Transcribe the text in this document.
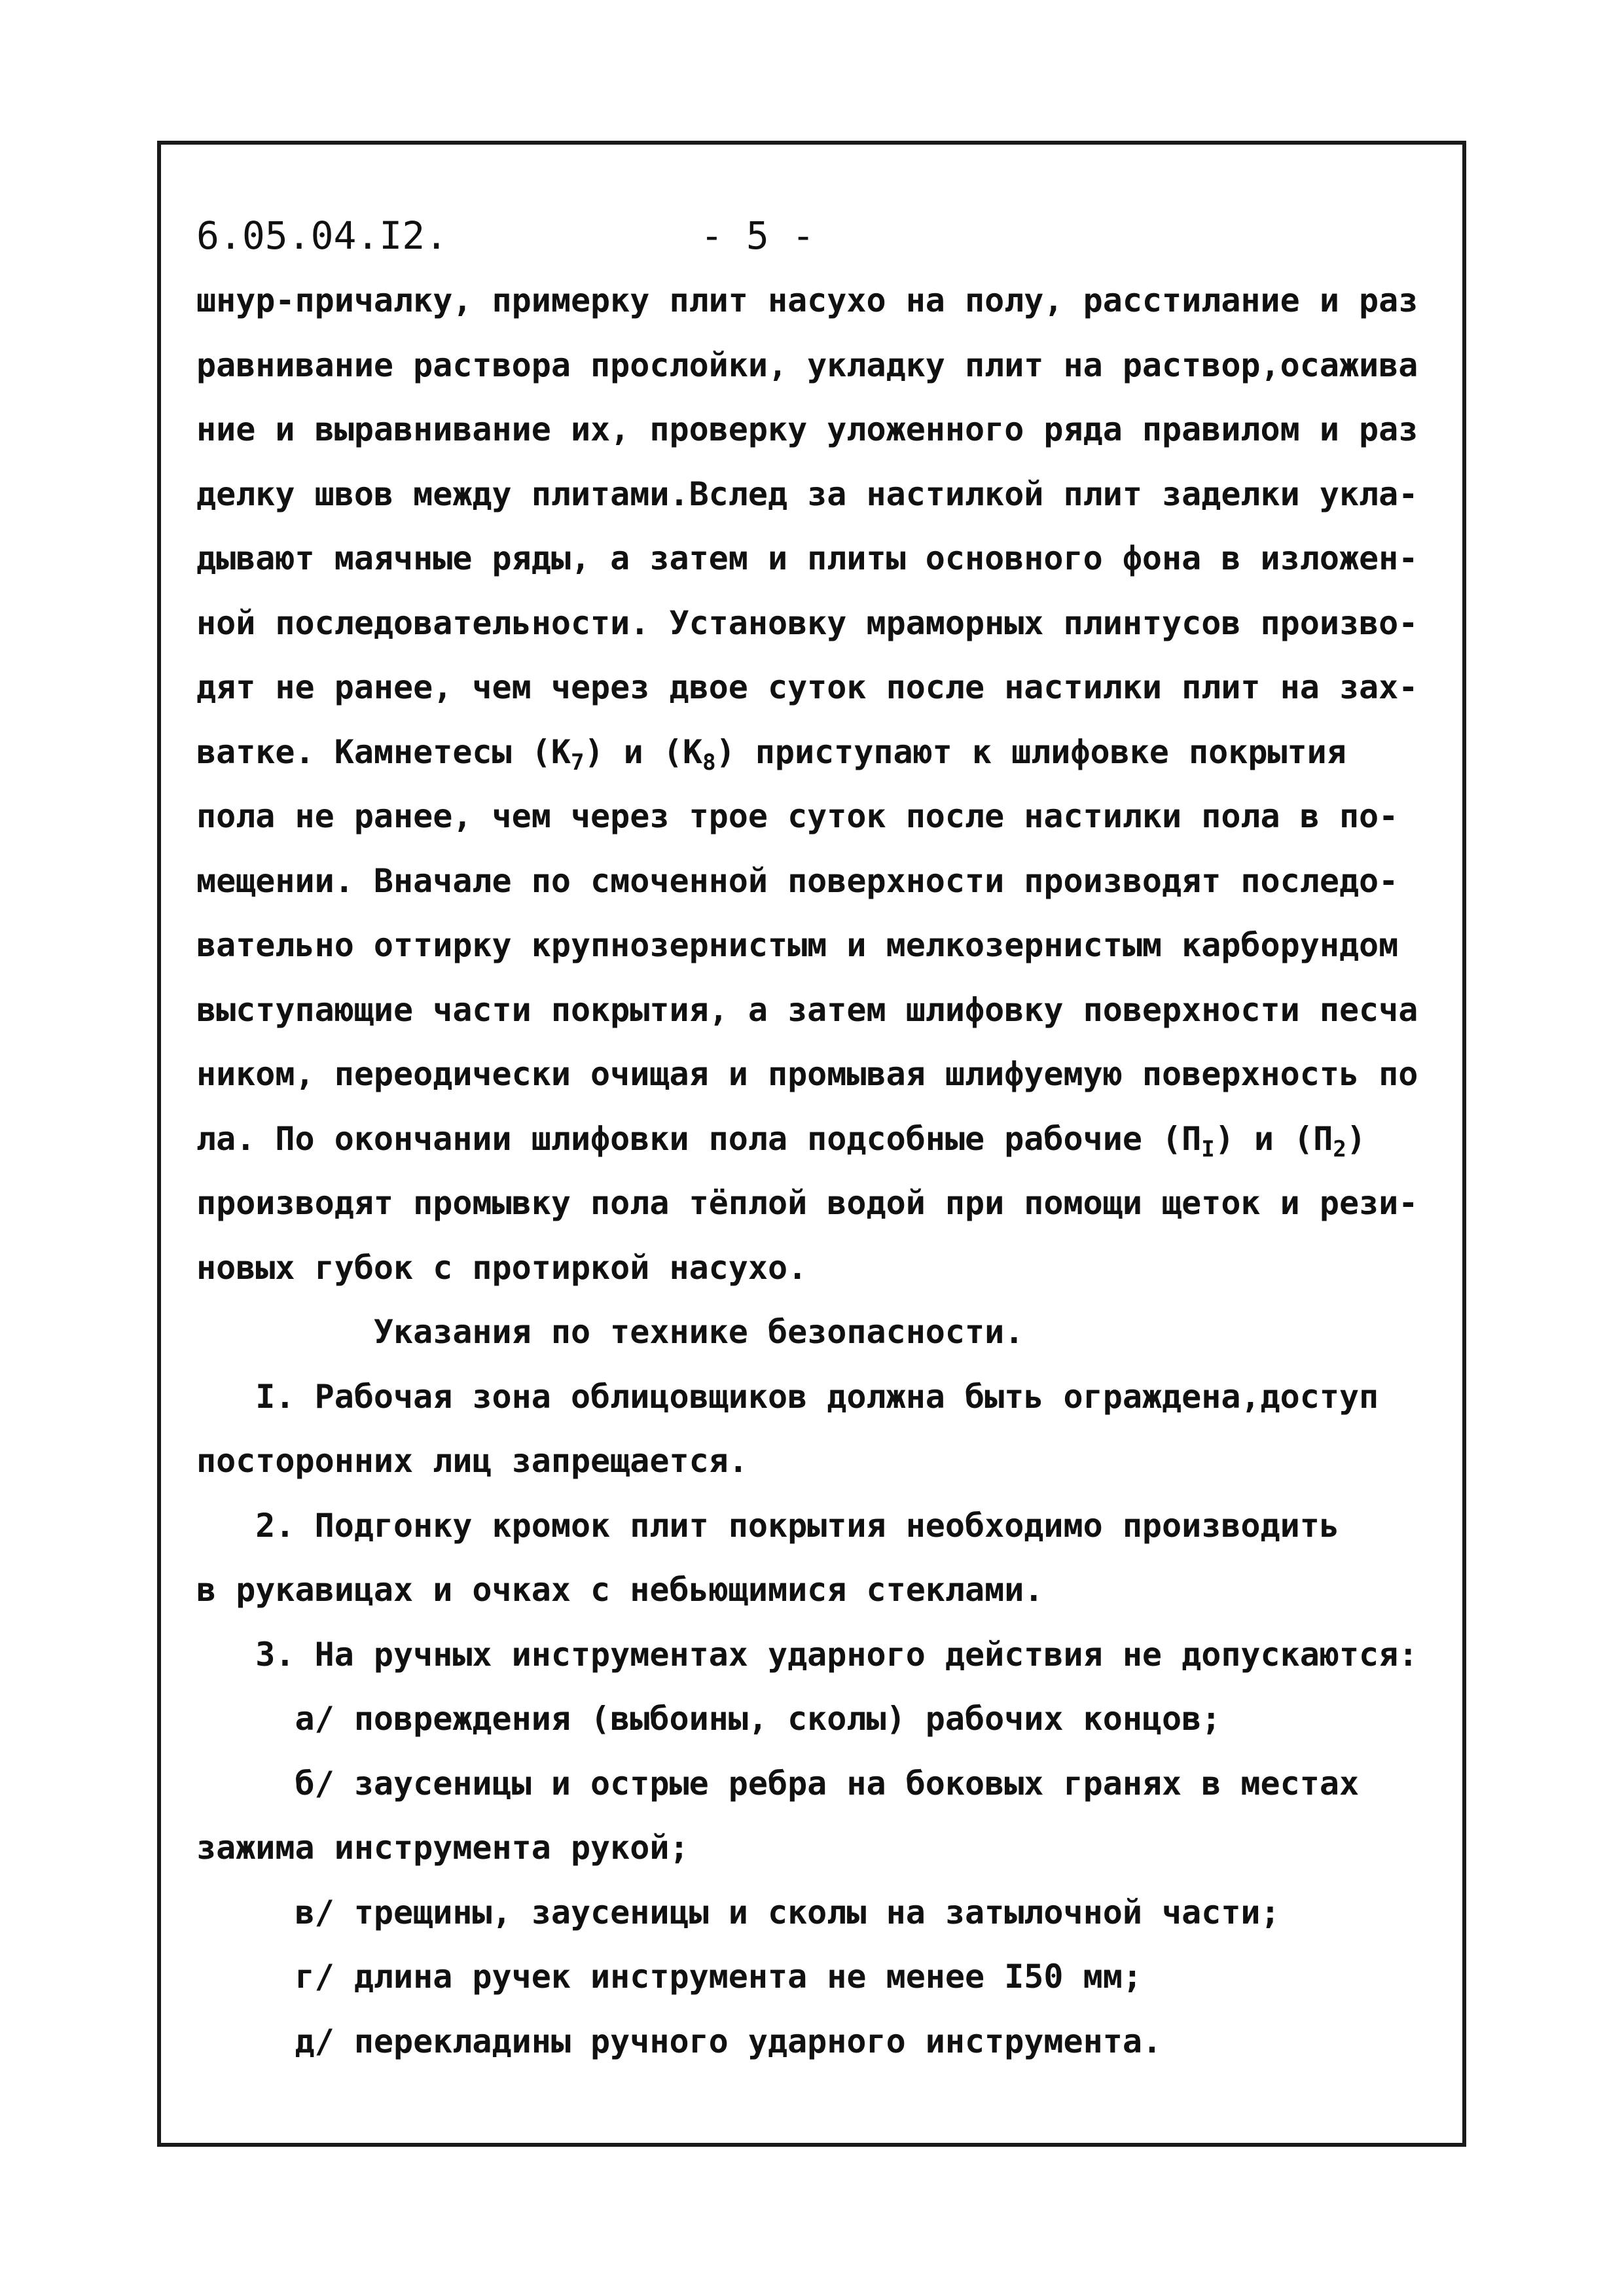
6.05.04.I2.	- 5 -
шнур-причалку, примерку плит насухо на полу, расстилание и раз
равнивание раствора прослойки, укладку плит на раствор,осажива
ние и выравнивание их, проверку уложенного ряда правилом и раз
делку швов между плитами.Вслед за настилкой плит заделки укла-
дывают маячные ряды, а затем и плиты основного фона в изложен-
ной последовательности. Установку мраморных плинтусов произво-
дят не ранее, чем через двое суток после настилки плит на зах-
ватке. Камнетесы $(К_7)$ и $(К_8)$ приступают к шлифовке покрытия
пола не ранее, чем через трое суток после настилки пола в по-
мещении. Вначале по смоченной поверхности производят последо-
вательно оттирку крупнозернистым и мелкозернистым карборундом
выступающие части покрытия, а затем шлифовку поверхности песча
ником, переодически очищая и промывая шлифуемую поверхность по
ла. По окончании шлифовки пола подсобные рабочие $(П_I)$ и $(П_2)$
производят промывку пола тёплой водой при помощи щеток и рези-
новых губок с протиркой насухо.
Указания по технике безопасности.
I. Рабочая зона облицовщиков должна быть ограждена,доступ
посторонних лиц запрещается.
2. Подгонку кромок плит покрытия необходимо производить
в рукавицах и очках с небьющимися стеклами.
3. На ручных инструментах ударного действия не допускаются:
а/ повреждения (выбоины, сколы) рабочих концов;
б/ заусеницы и острые ребра на боковых гранях в местах
зажима инструмента рукой;
в/ трещины, заусеницы и сколы на затылочной части;
г/ длина ручек инструмента не менее I50 мм;
д/ перекладины ручного ударного инструмента.
